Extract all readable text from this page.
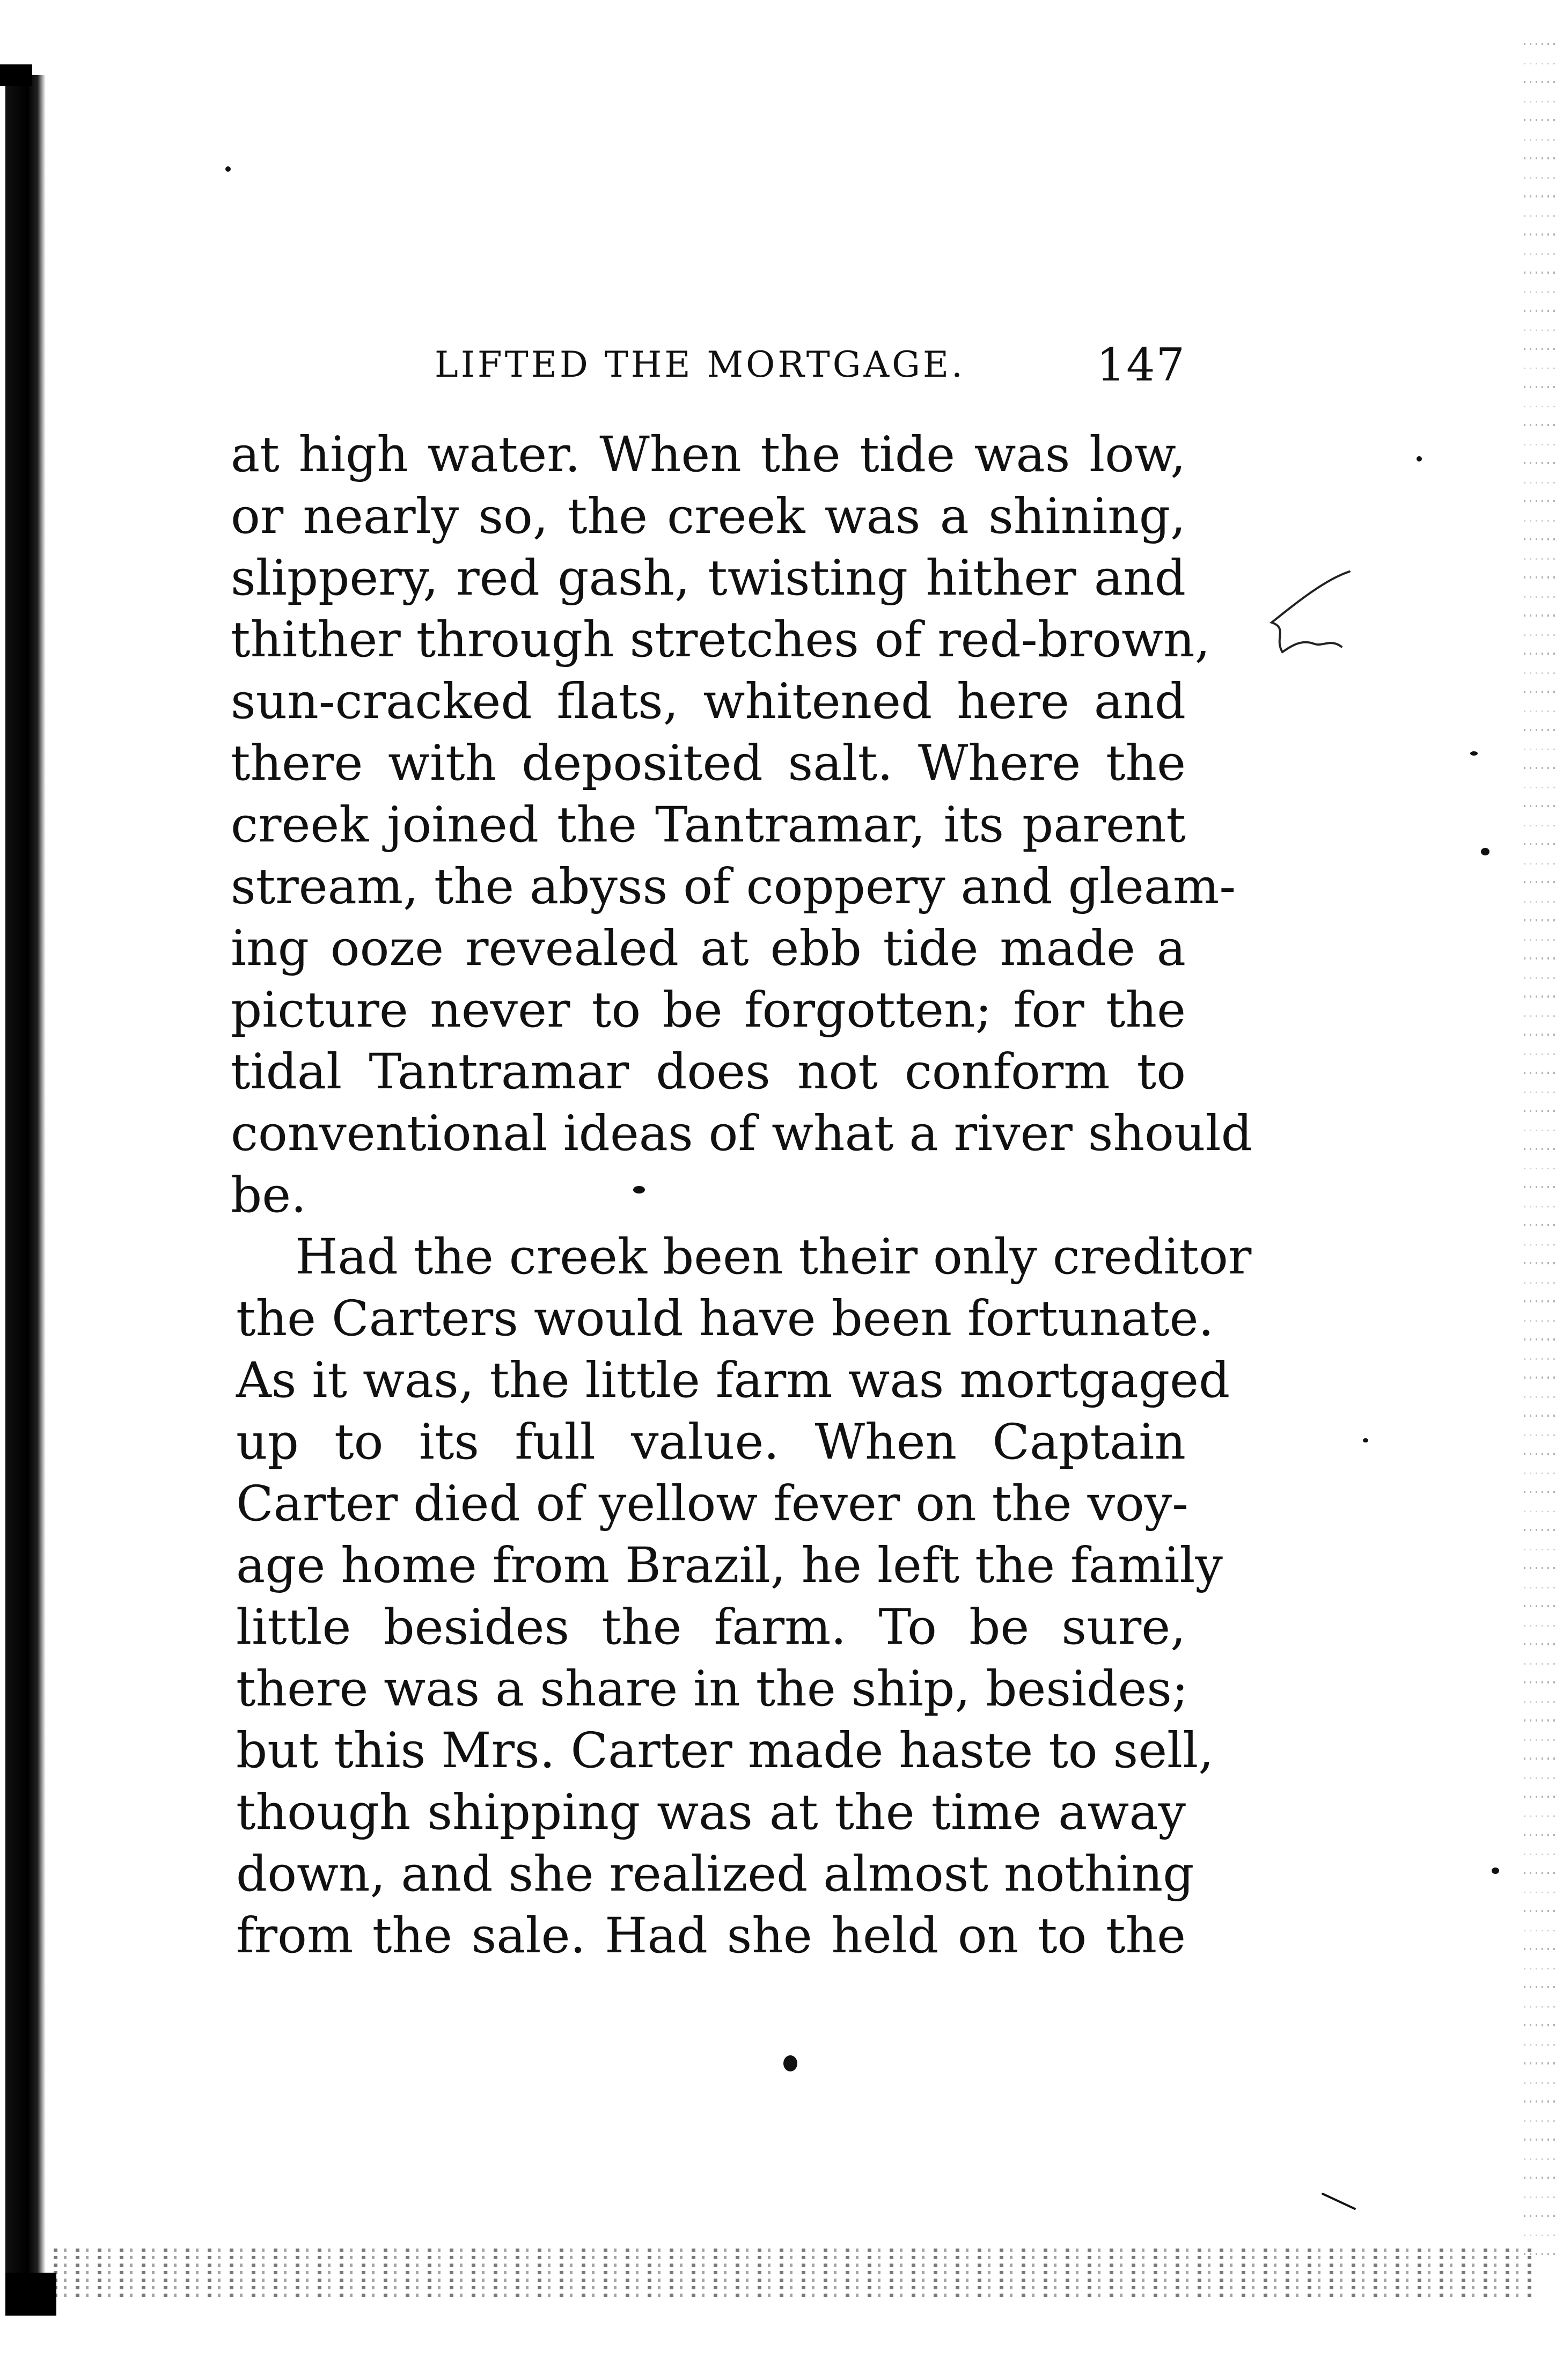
LIFTED THE MORTGAGE.	147
at high water. When the tide was low,
or nearly so, the creek was a shining,
slippery, red gash, twisting hither and
thither through stretches of red-brown,
sun-cracked flats, whitened here and
there with deposited salt. Where the
creek joined the Tantramar, its parent
stream, the abyss of coppery and gleam-
ing ooze revealed at ebb tide made a
picture never to be forgotten; for the
tidal Tantramar does not conform to
conventional ideas of what a river should
be.
Had the creek been their only creditor
the Carters would have been fortunate.
As it was, the little farm was mortgaged
up to its full value. When Captain
Carter died of yellow fever on the voy-
age home from Brazil, he left the family
little besides the farm. To be sure,
there was a share in the ship, besides;
but this Mrs. Carter made haste to sell,
though shipping was at the time away
down, and she realized almost nothing
from the sale. Had she held on to the
